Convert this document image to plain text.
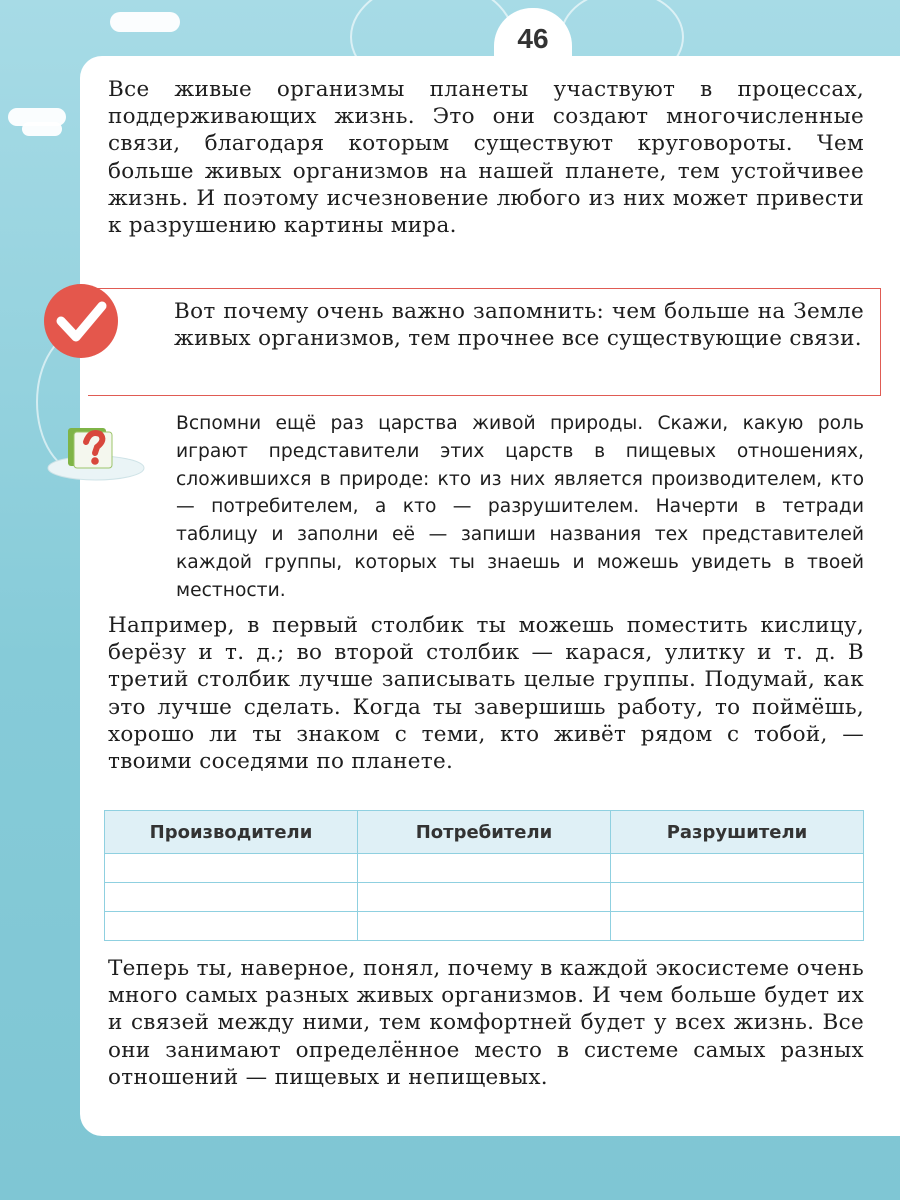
46
Все живые организмы планеты участвуют в процессах, поддерживающих жизнь. Это они создают многочисленные связи, благодаря которым существуют круговороты. Чем больше живых организмов на нашей планете, тем устойчивее жизнь. И поэтому исчезновение любого из них может привести к разрушению картины мира.
Вот почему очень важно запомнить: чем больше на Земле живых организмов, тем прочнее все существующие связи.
Вспомни ещё раз царства живой природы. Скажи, какую роль играют представители этих царств в пищевых отношениях, сложившихся в природе: кто из них является производителем, кто — потребителем, а кто — разрушителем. Начерти в тетради таблицу и заполни её — запиши названия тех представителей каждой группы, которых ты знаешь и можешь увидеть в твоей местности.
Например, в первый столбик ты можешь поместить кислицу, берёзу и т. д.; во второй столбик — карася, улитку и т. д. В третий столбик лучше записывать целые группы. Подумай, как это лучше сделать. Когда ты завершишь работу, то поймёшь, хорошо ли ты знаком с теми, кто живёт рядом с тобой, — твоими соседями по планете.
Производители	Потребители	Разрушители

Теперь ты, наверное, понял, почему в каждой экосистеме очень много самых разных живых организмов. И чем больше будет их и связей между ними, тем комфортней будет у всех жизнь. Все они занимают определённое место в системе самых разных отношений — пищевых и непищевых.
